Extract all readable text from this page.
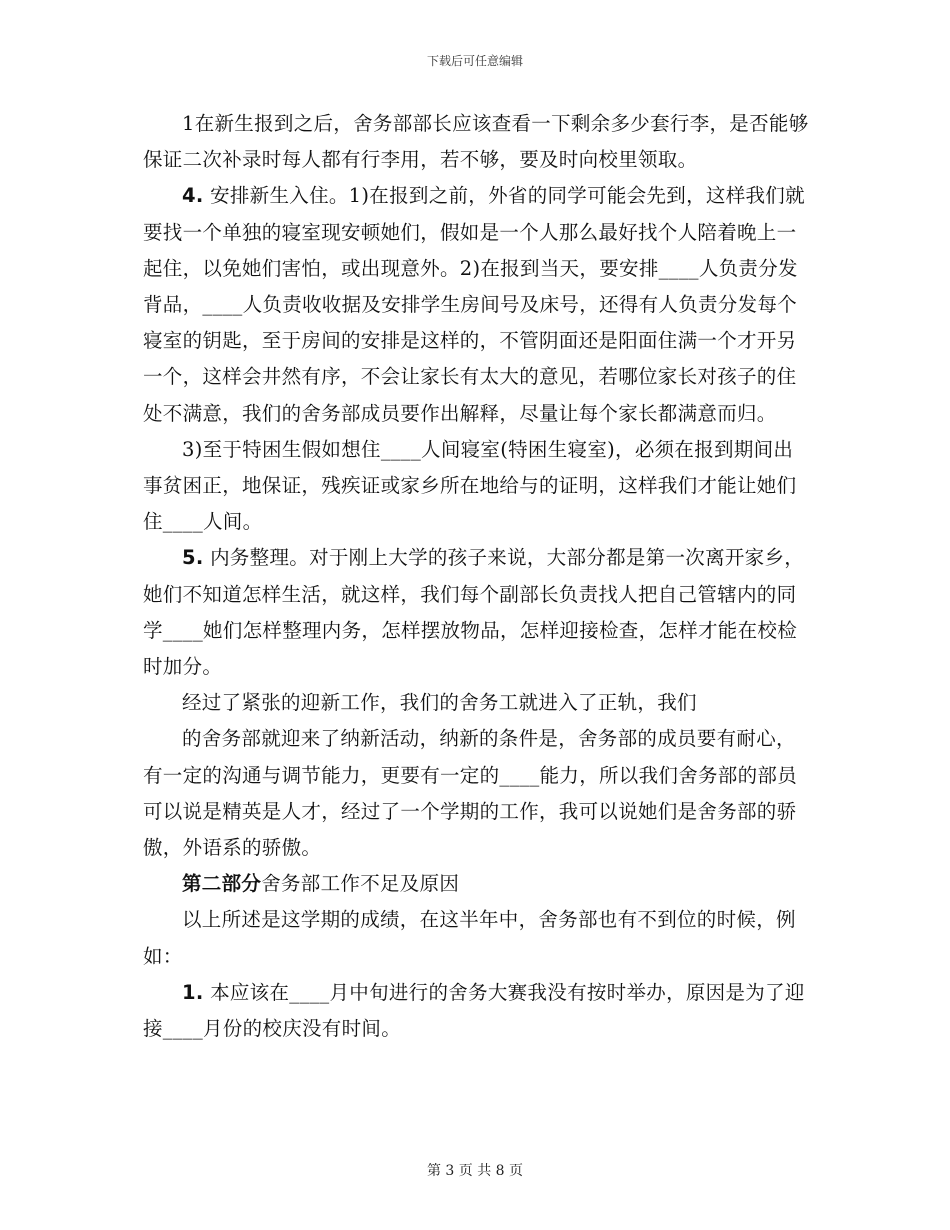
下载后可任意编辑

1在新生报到之后，舍务部部长应该查看一下剩余多少套行李，是否能够保证二次补录时每人都有行李用，若不够，要及时向校里领取。

4. 安排新生入住。1)在报到之前，外省的同学可能会先到，这样我们就要找一个单独的寝室现安顿她们，假如是一个人那么最好找个人陪着晚上一起住，以免她们害怕，或出现意外。2)在报到当天，要安排____人负责分发背品，____人负责收收据及安排学生房间号及床号，还得有人负责分发每个寝室的钥匙，至于房间的安排是这样的，不管阴面还是阳面住满一个才开另一个，这样会井然有序，不会让家长有太大的意见，若哪位家长对孩子的住处不满意，我们的舍务部成员要作出解释，尽量让每个家长都满意而归。

3)至于特困生假如想住____人间寝室(特困生寝室)，必须在报到期间出事贫困正，地保证，残疾证或家乡所在地给与的证明，这样我们才能让她们住____人间。

5. 内务整理。对于刚上大学的孩子来说，大部分都是第一次离开家乡，她们不知道怎样生活，就这样，我们每个副部长负责找人把自己管辖内的同学____她们怎样整理内务，怎样摆放物品，怎样迎接检查，怎样才能在校检时加分。

经过了紧张的迎新工作，我们的舍务工就进入了正轨，我们

的舍务部就迎来了纳新活动，纳新的条件是，舍务部的成员要有耐心，有一定的沟通与调节能力，更要有一定的____能力，所以我们舍务部的部员可以说是精英是人才，经过了一个学期的工作，我可以说她们是舍务部的骄傲，外语系的骄傲。

第二部分舍务部工作不足及原因

以上所述是这学期的成绩，在这半年中，舍务部也有不到位的时候，例如：

1. 本应该在____月中旬进行的舍务大赛我没有按时举办，原因是为了迎接____月份的校庆没有时间。

第 3 页 共 8 页
